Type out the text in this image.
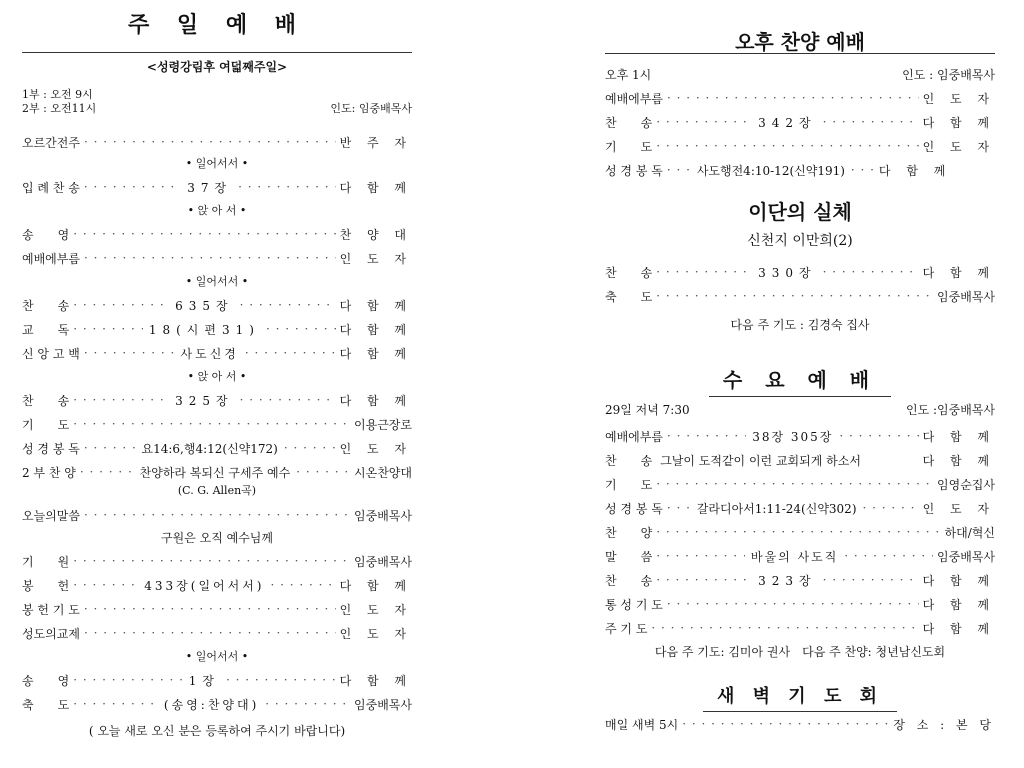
주 일 예 배
<성령강림후 여덟째주일>
1부 : 오전 9시
2부 : 오전11시	인도: 임중배목사
오르간전주 · · ·	반 주 자
• 일어서서 •
입 례 찬 송 · · ·	37장 · · ·	다 함 께
• 앉 아 서 •
송　　영 · · ·	찬 양 대
예배에부름 · · ·	인 도 자
• 일어서서 •
찬　　송 · · ·	635장 · · ·	다 함 께
교　　독 · · ·	18(시편31) · · ·	다 함 께
신 앙 고 백 · · ·	사도신경 · · ·	다 함 께
• 앉 아 서 •
찬　　송 · · ·	325장 · · ·	다 함 께
기　　도 · · ·	이용근장로
성 경 봉 독 · · ·	요14:6,행4:12(신약172) · · ·	인 도 자
2 부 찬 양 · · ·	찬양하라 복되신 구세주 예수 · · ·	시온찬양대
(C. G. Allen곡)
오늘의말씀 · · ·	임중배목사
구원은 오직 예수님께
기　　원 · · ·	임중배목사
봉　　헌 · · ·	433장(일어서서) · · ·	다 함 께
봉 헌 기 도 · · ·	인 도 자
성도의교제 · · ·	인 도 자
• 일어서서 •
송　　영 · · ·	1장 · · ·	다 함 께
축　　도 · · ·	(송영:찬양대) · · ·	임중배목사
( 오늘 새로 오신 분은 등록하여 주시기 바랍니다)
오후 찬양 예배
오후 1시	인도 : 임중배목사
예배에부름 · · ·	인 도 자
찬　　송 · · ·	342장 · · ·	다 함 께
기　　도 · · ·	인 도 자
성 경 봉 독 · · ·	사도행전4:10-12(신약191) · · ·	다 함 께
이단의 실체
신천지 이만희(2)
찬　　송 · · ·	330장 · · ·	다 함 께
축　　도 · · ·	임중배목사
다음 주 기도 : 김경숙 집사
수 요 예 배
29일 저녁 7:30	인도 :임중배목사
예배에부름 · · ·	38장 305장 · · ·	다 함 께
찬　　송 그날이 도적같이 이런 교회되게 하소서	다 함 께
기　　도 · · ·	임영순집사
성 경 봉 독 · · ·	갈라디아서1:11-24(신약302) · · ·	인 도 자
찬　　양 · · ·	하대/혁신
말　　씀 · · ·	바울의 사도직 · · ·	임중배목사
찬　　송 · · ·	323장 · · ·	다 함 께
통 성 기 도 · · ·	다 함 께
주 기 도 · · ·	다 함 께
다음 주 기도: 김미아 권사　다음 주 찬양: 청년남신도회
새 벽 기 도 회
매일 새벽 5시 · · ·	장 소 : 본 당
